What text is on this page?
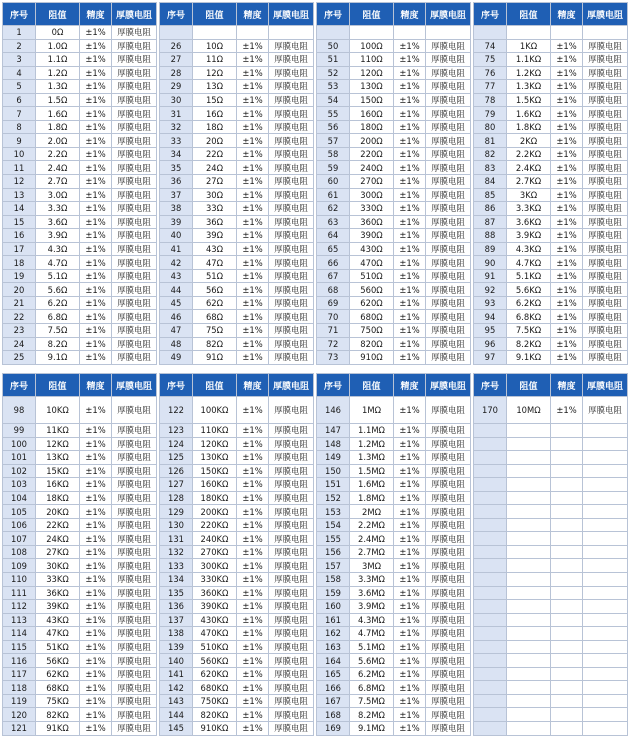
序号	阻值	精度	厚膜电阻		序号	阻值	精度	厚膜电阻		序号	阻值	精度	厚膜电阻		序号	阻值	精度	厚膜电阻
1	0Ω	±1%	厚膜电阻															
2	1.0Ω	±1%	厚膜电阻		26	10Ω	±1%	厚膜电阻		50	100Ω	±1%	厚膜电阻		74	1KΩ	±1%	厚膜电阻
3	1.1Ω	±1%	厚膜电阻		27	11Ω	±1%	厚膜电阻		51	110Ω	±1%	厚膜电阻		75	1.1KΩ	±1%	厚膜电阻
4	1.2Ω	±1%	厚膜电阻		28	12Ω	±1%	厚膜电阻		52	120Ω	±1%	厚膜电阻		76	1.2KΩ	±1%	厚膜电阻
5	1.3Ω	±1%	厚膜电阻		29	13Ω	±1%	厚膜电阻		53	130Ω	±1%	厚膜电阻		77	1.3KΩ	±1%	厚膜电阻
6	1.5Ω	±1%	厚膜电阻		30	15Ω	±1%	厚膜电阻		54	150Ω	±1%	厚膜电阻		78	1.5KΩ	±1%	厚膜电阻
7	1.6Ω	±1%	厚膜电阻		31	16Ω	±1%	厚膜电阻		55	160Ω	±1%	厚膜电阻		79	1.6KΩ	±1%	厚膜电阻
8	1.8Ω	±1%	厚膜电阻		32	18Ω	±1%	厚膜电阻		56	180Ω	±1%	厚膜电阻		80	1.8KΩ	±1%	厚膜电阻
9	2.0Ω	±1%	厚膜电阻		33	20Ω	±1%	厚膜电阻		57	200Ω	±1%	厚膜电阻		81	2KΩ	±1%	厚膜电阻
10	2.2Ω	±1%	厚膜电阻		34	22Ω	±1%	厚膜电阻		58	220Ω	±1%	厚膜电阻		82	2.2KΩ	±1%	厚膜电阻
11	2.4Ω	±1%	厚膜电阻		35	24Ω	±1%	厚膜电阻		59	240Ω	±1%	厚膜电阻		83	2.4KΩ	±1%	厚膜电阻
12	2.7Ω	±1%	厚膜电阻		36	27Ω	±1%	厚膜电阻		60	270Ω	±1%	厚膜电阻		84	2.7KΩ	±1%	厚膜电阻
13	3.0Ω	±1%	厚膜电阻		37	30Ω	±1%	厚膜电阻		61	300Ω	±1%	厚膜电阻		85	3KΩ	±1%	厚膜电阻
14	3.3Ω	±1%	厚膜电阻		38	33Ω	±1%	厚膜电阻		62	330Ω	±1%	厚膜电阻		86	3.3KΩ	±1%	厚膜电阻
15	3.6Ω	±1%	厚膜电阻		39	36Ω	±1%	厚膜电阻		63	360Ω	±1%	厚膜电阻		87	3.6KΩ	±1%	厚膜电阻
16	3.9Ω	±1%	厚膜电阻		40	39Ω	±1%	厚膜电阻		64	390Ω	±1%	厚膜电阻		88	3.9KΩ	±1%	厚膜电阻
17	4.3Ω	±1%	厚膜电阻		41	43Ω	±1%	厚膜电阻		65	430Ω	±1%	厚膜电阻		89	4.3KΩ	±1%	厚膜电阻
18	4.7Ω	±1%	厚膜电阻		42	47Ω	±1%	厚膜电阻		66	470Ω	±1%	厚膜电阻		90	4.7KΩ	±1%	厚膜电阻
19	5.1Ω	±1%	厚膜电阻		43	51Ω	±1%	厚膜电阻		67	510Ω	±1%	厚膜电阻		91	5.1KΩ	±1%	厚膜电阻
20	5.6Ω	±1%	厚膜电阻		44	56Ω	±1%	厚膜电阻		68	560Ω	±1%	厚膜电阻		92	5.6KΩ	±1%	厚膜电阻
21	6.2Ω	±1%	厚膜电阻		45	62Ω	±1%	厚膜电阻		69	620Ω	±1%	厚膜电阻		93	6.2KΩ	±1%	厚膜电阻
22	6.8Ω	±1%	厚膜电阻		46	68Ω	±1%	厚膜电阻		70	680Ω	±1%	厚膜电阻		94	6.8KΩ	±1%	厚膜电阻
23	7.5Ω	±1%	厚膜电阻		47	75Ω	±1%	厚膜电阻		71	750Ω	±1%	厚膜电阻		95	7.5KΩ	±1%	厚膜电阻
24	8.2Ω	±1%	厚膜电阻		48	82Ω	±1%	厚膜电阻		72	820Ω	±1%	厚膜电阻		96	8.2KΩ	±1%	厚膜电阻
25	9.1Ω	±1%	厚膜电阻		49	91Ω	±1%	厚膜电阻		73	910Ω	±1%	厚膜电阻		97	9.1KΩ	±1%	厚膜电阻
序号	阻值	精度	厚膜电阻		序号	阻值	精度	厚膜电阻		序号	阻值	精度	厚膜电阻		序号	阻值	精度	厚膜电阻
98	10KΩ	±1%	厚膜电阻		122	100KΩ	±1%	厚膜电阻		146	1MΩ	±1%	厚膜电阻		170	10MΩ	±1%	厚膜电阻
99	11KΩ	±1%	厚膜电阻		123	110KΩ	±1%	厚膜电阻		147	1.1MΩ	±1%	厚膜电阻					
100	12KΩ	±1%	厚膜电阻		124	120KΩ	±1%	厚膜电阻		148	1.2MΩ	±1%	厚膜电阻					
101	13KΩ	±1%	厚膜电阻		125	130KΩ	±1%	厚膜电阻		149	1.3MΩ	±1%	厚膜电阻					
102	15KΩ	±1%	厚膜电阻		126	150KΩ	±1%	厚膜电阻		150	1.5MΩ	±1%	厚膜电阻					
103	16KΩ	±1%	厚膜电阻		127	160KΩ	±1%	厚膜电阻		151	1.6MΩ	±1%	厚膜电阻					
104	18KΩ	±1%	厚膜电阻		128	180KΩ	±1%	厚膜电阻		152	1.8MΩ	±1%	厚膜电阻					
105	20KΩ	±1%	厚膜电阻		129	200KΩ	±1%	厚膜电阻		153	2MΩ	±1%	厚膜电阻					
106	22KΩ	±1%	厚膜电阻		130	220KΩ	±1%	厚膜电阻		154	2.2MΩ	±1%	厚膜电阻					
107	24KΩ	±1%	厚膜电阻		131	240KΩ	±1%	厚膜电阻		155	2.4MΩ	±1%	厚膜电阻					
108	27KΩ	±1%	厚膜电阻		132	270KΩ	±1%	厚膜电阻		156	2.7MΩ	±1%	厚膜电阻					
109	30KΩ	±1%	厚膜电阻		133	300KΩ	±1%	厚膜电阻		157	3MΩ	±1%	厚膜电阻					
110	33KΩ	±1%	厚膜电阻		134	330KΩ	±1%	厚膜电阻		158	3.3MΩ	±1%	厚膜电阻					
111	36KΩ	±1%	厚膜电阻		135	360KΩ	±1%	厚膜电阻		159	3.6MΩ	±1%	厚膜电阻					
112	39KΩ	±1%	厚膜电阻		136	390KΩ	±1%	厚膜电阻		160	3.9MΩ	±1%	厚膜电阻					
113	43KΩ	±1%	厚膜电阻		137	430KΩ	±1%	厚膜电阻		161	4.3MΩ	±1%	厚膜电阻					
114	47KΩ	±1%	厚膜电阻		138	470KΩ	±1%	厚膜电阻		162	4.7MΩ	±1%	厚膜电阻					
115	51KΩ	±1%	厚膜电阻		139	510KΩ	±1%	厚膜电阻		163	5.1MΩ	±1%	厚膜电阻					
116	56KΩ	±1%	厚膜电阻		140	560KΩ	±1%	厚膜电阻		164	5.6MΩ	±1%	厚膜电阻					
117	62KΩ	±1%	厚膜电阻		141	620KΩ	±1%	厚膜电阻		165	6.2MΩ	±1%	厚膜电阻					
118	68KΩ	±1%	厚膜电阻		142	680KΩ	±1%	厚膜电阻		166	6.8MΩ	±1%	厚膜电阻					
119	75KΩ	±1%	厚膜电阻		143	750KΩ	±1%	厚膜电阻		167	7.5MΩ	±1%	厚膜电阻					
120	82KΩ	±1%	厚膜电阻		144	820KΩ	±1%	厚膜电阻		168	8.2MΩ	±1%	厚膜电阻					
121	91KΩ	±1%	厚膜电阻		145	910KΩ	±1%	厚膜电阻		169	9.1MΩ	±1%	厚膜电阻					
